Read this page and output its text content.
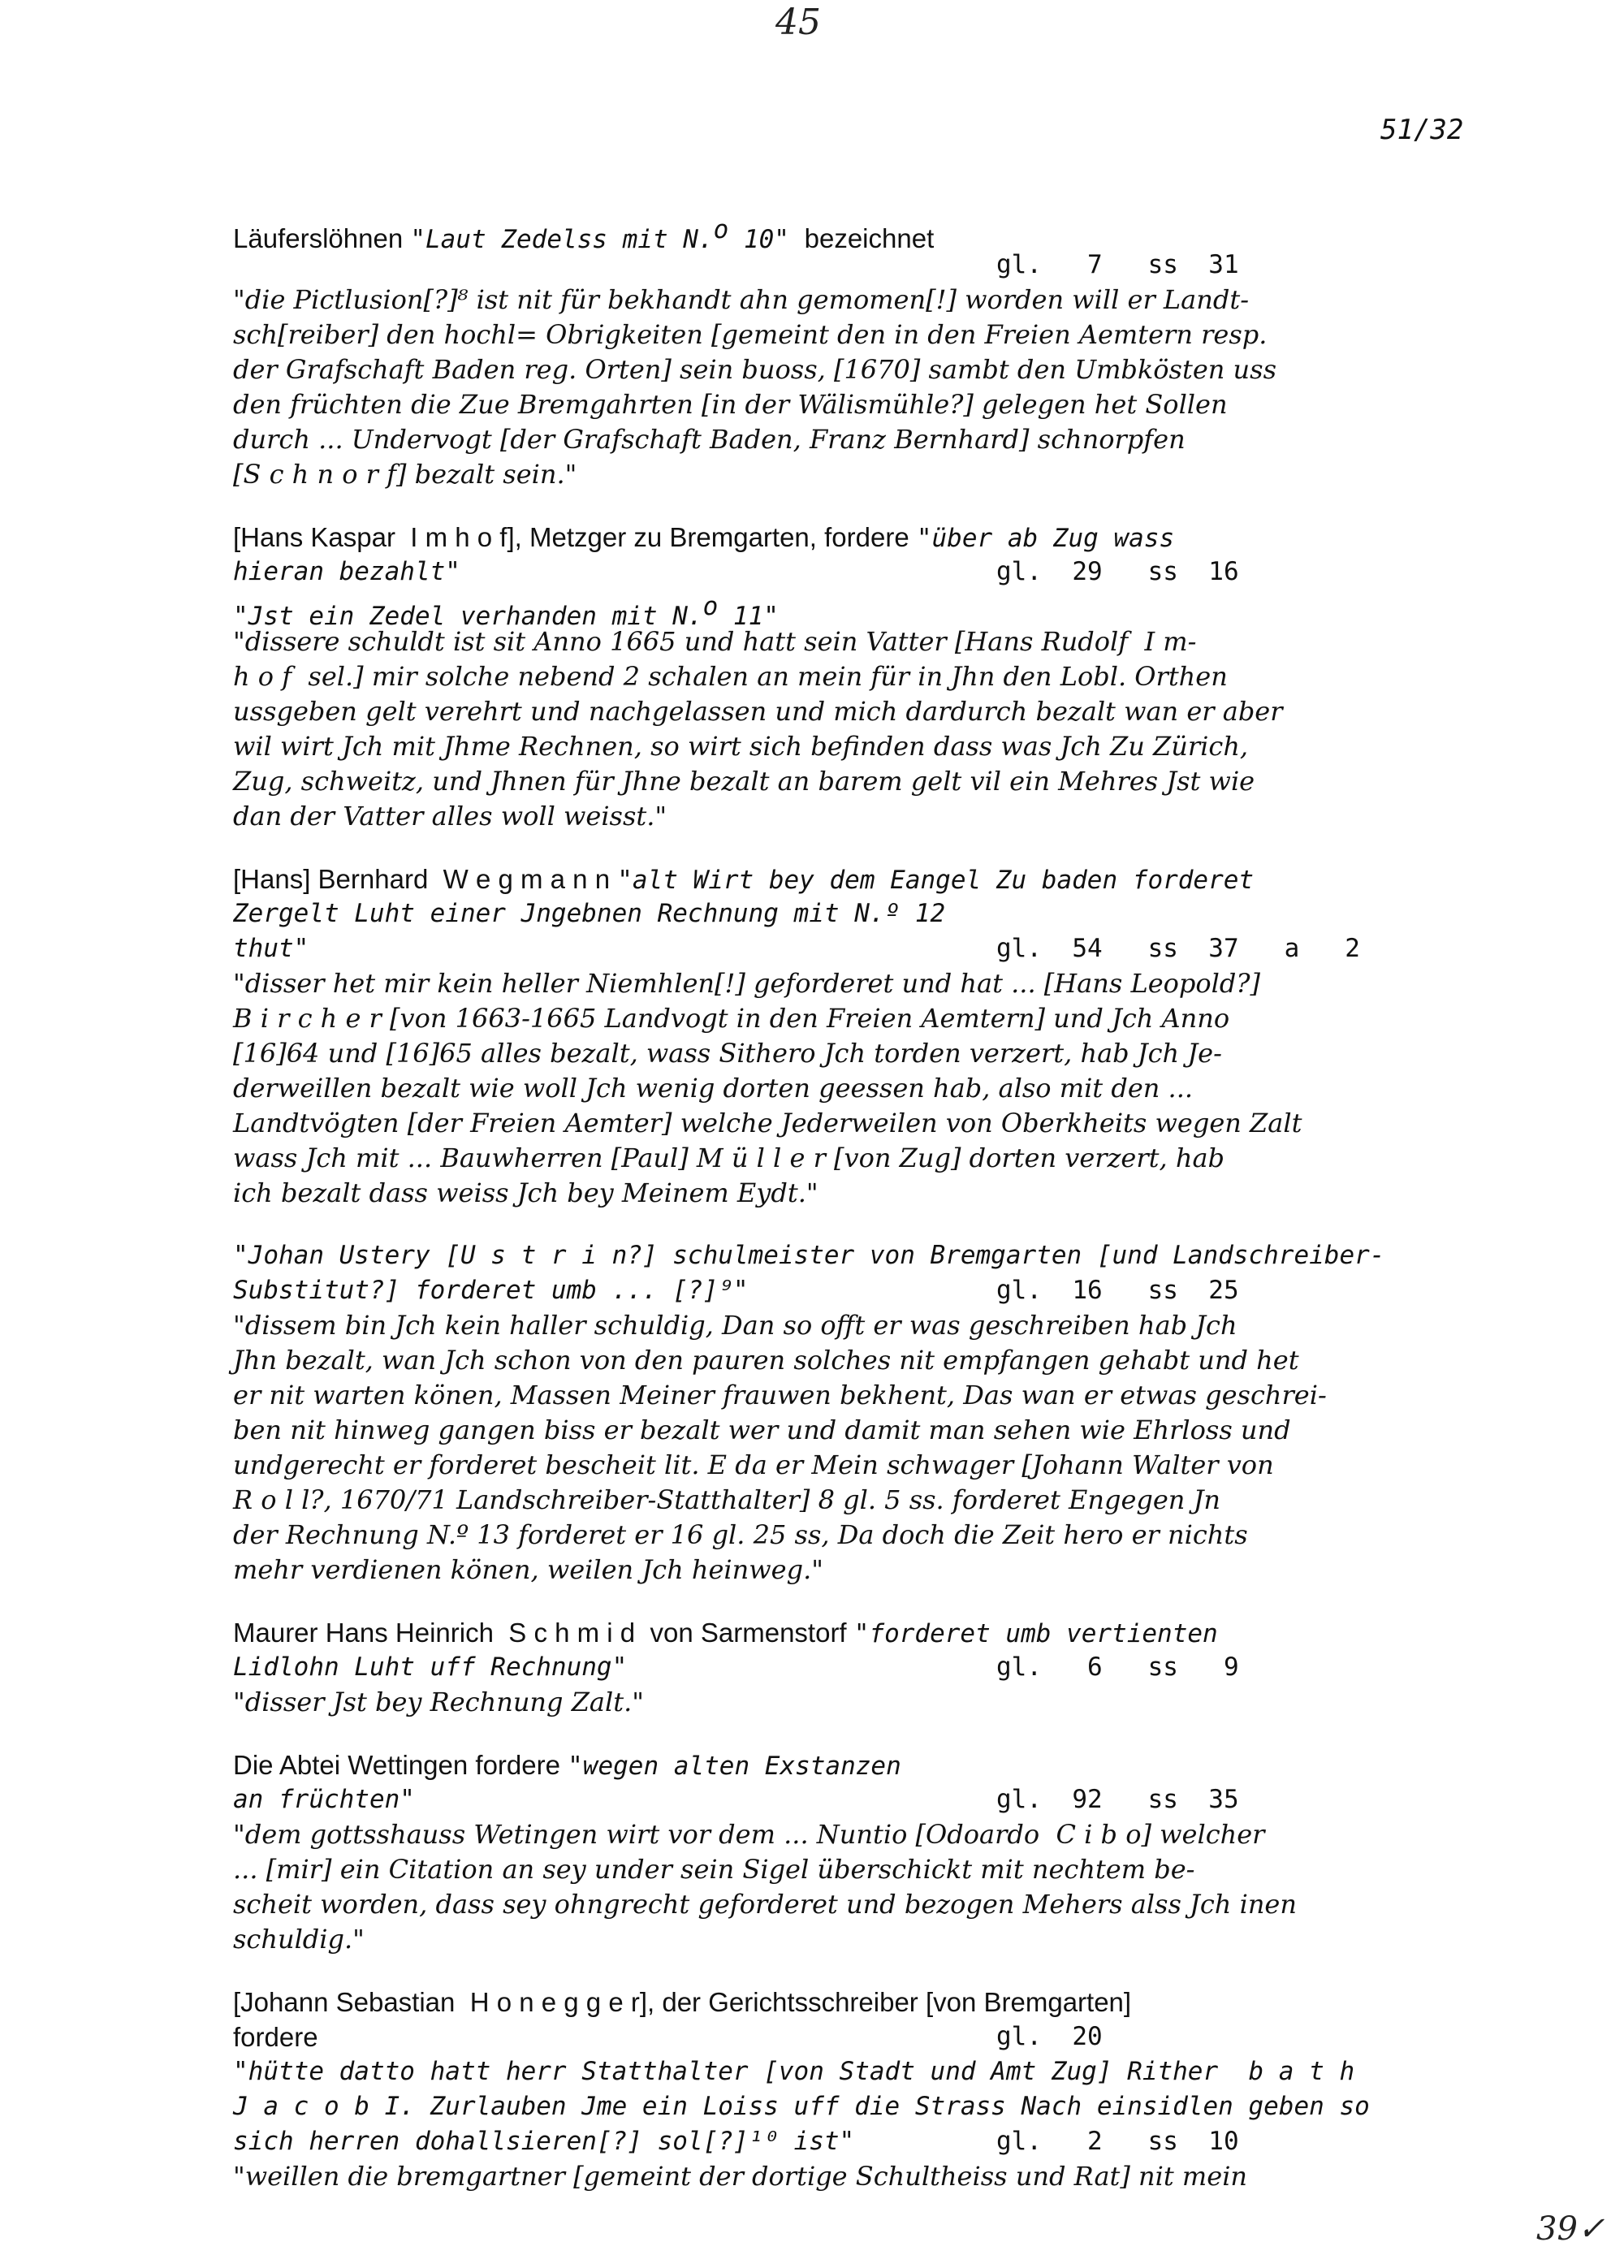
45
51/32
Läuferslöhnen "Laut Zedelss mit N.$^o$ 10" bezeichnet
gl.   7   ss  31
"die Pictlusion[?]⁸ ist nit für bekhandt ahn gemomen[!] worden will er Landt-
sch[reiber] den hochl= Obrigkeiten [gemeint den in den Freien Aemtern resp.
der Grafschaft Baden reg. Orten] sein buoss, [1670] sambt den Umbkösten uss
den früchten die Zue Bremgahrten [in der Wälismühle?] gelegen het Sollen
durch ... Undervogt [der Grafschaft Baden, Franz Bernhard] schnorpfen
[S c h n o r f] bezalt sein."
[Hans Kaspar  I m h o f], Metzger zu Bremgarten, fordere "über ab Zug wass
hieran bezahlt"	gl.  29   ss  16
"Jst ein Zedel verhanden mit N.$^o$ 11"
"dissere schuldt ist sit Anno 1665 und hatt sein Vatter [Hans Rudolf  I m-
h o f  sel.] mir solche nebend 2 schalen an mein für in Jhn den Lobl. Orthen
ussgeben gelt verehrt und nachgelassen und mich dardurch bezalt wan er aber
wil wirt Jch mit Jhme Rechnen, so wirt sich befinden dass was Jch Zu Zürich,
Zug, schweitz, und Jhnen für Jhne bezalt an barem gelt vil ein Mehres Jst wie
dan der Vatter alles woll weisst."
[Hans] Bernhard  W e g m a n n "alt Wirt bey dem Eangel Zu baden forderet
Zergelt Luht einer Jngebnen Rechnung mit N.º 12
thut"	gl.  54   ss  37   a   2
"disser het mir kein heller Niemhlen[!] geforderet und hat ... [Hans Leopold?]
B i r c h e r [von 1663-1665 Landvogt in den Freien Aemtern] und Jch Anno
[16]64 und [16]65 alles bezalt, wass Sithero Jch torden verzert, hab Jch Je-
derweillen bezalt wie woll Jch wenig dorten geessen hab, also mit den ...
Landtvögten [der Freien Aemter] welche Jederweilen von Oberkheits wegen Zalt
wass Jch mit ... Bauwherren [Paul] M ü l l e r [von Zug] dorten verzert, hab
ich bezalt dass weiss Jch bey Meinem Eydt."
"Johan Ustery [U s t r i n?] schulmeister von Bremgarten [und Landschreiber-
Substitut?] forderet umb ... [?]⁹"	gl.  16   ss  25
"dissem bin Jch kein haller schuldig, Dan so offt er was geschreiben hab Jch
Jhn bezalt, wan Jch schon von den pauren solches nit empfangen gehabt und het
er nit warten könen, Massen Meiner frauwen bekhent, Das wan er etwas geschrei-
ben nit hinweg gangen biss er bezalt wer und damit man sehen wie Ehrloss und
undgerecht er forderet bescheit lit. E da er Mein schwager [Johann Walter von
R o l l?, 1670/71 Landschreiber-Statthalter] 8 gl. 5 ss. forderet Engegen Jn
der Rechnung N.º 13 forderet er 16 gl. 25 ss, Da doch die Zeit hero er nichts
mehr verdienen könen, weilen Jch heinweg."
Maurer Hans Heinrich  S c h m i d  von Sarmenstorf "forderet umb vertienten
Lidlohn Luht uff Rechnung"	gl.   6   ss   9
"disser Jst bey Rechnung Zalt."
Die Abtei Wettingen fordere "wegen alten Exstanzen
an früchten"	gl.  92   ss  35
"dem gottsshauss Wetingen wirt vor dem ... Nuntio [Odoardo  C i b o] welcher
... [mir] ein Citation an sey under sein Sigel überschickt mit nechtem be-
scheit worden, dass sey ohngrecht geforderet und bezogen Mehers alss Jch inen
schuldig."
[Johann Sebastian  H o n e g g e r], der Gerichtsschreiber [von Bremgarten]
fordere	gl.  20
"hütte datto hatt herr Statthalter [von Stadt und Amt Zug] Rither  b a t h
J a c o b I. Zurlauben Jme ein Loiss uff die Strass Nach einsidlen geben so
sich herren dohallsieren[?] sol[?]¹⁰ ist"	gl.   2   ss  10
"weillen die bremgartner [gemeint der dortige Schultheiss und Rat] nit mein
39✓
